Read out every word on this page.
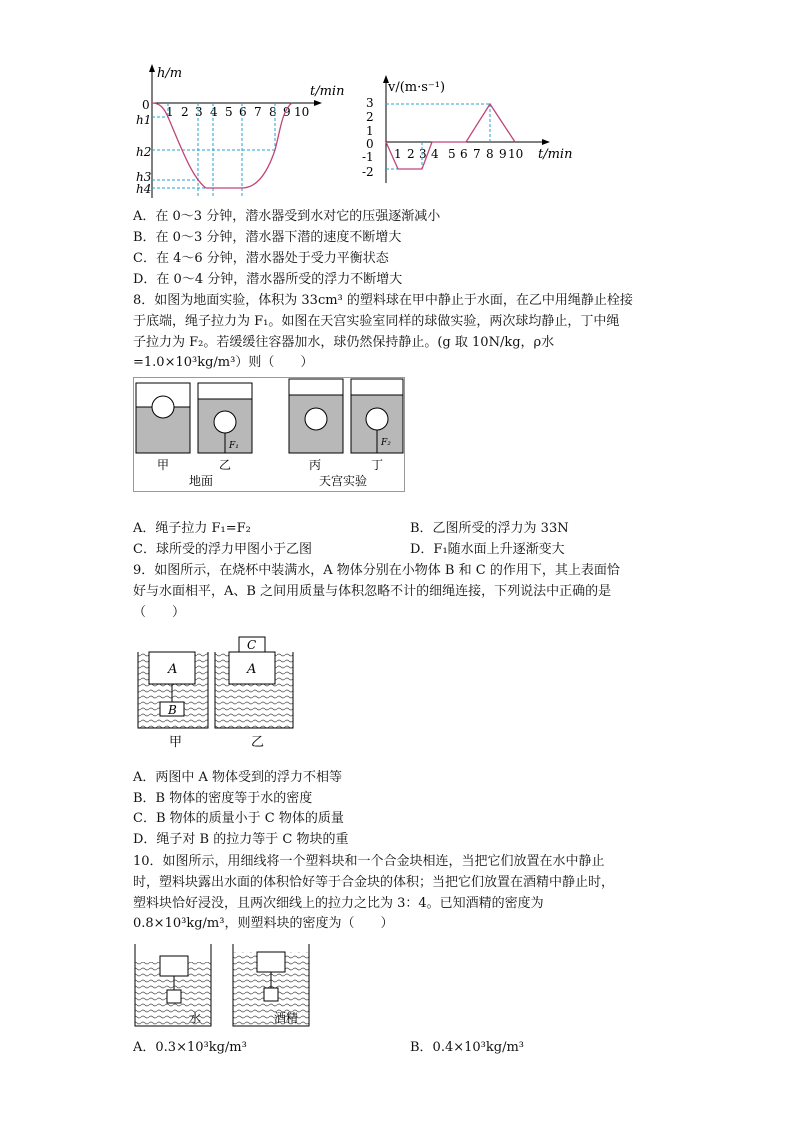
h/m
t/min
0 1 2 3 4 5 6 7 8 9 10
h1
h2
h3
h4
v/(m·s⁻¹)
t/min
3
2
1
0
-1
-2
1 2 3 4 5 6 7 8 9 10
A．在 0～3 分钟，潜水器受到水对它的压强逐渐减小
B．在 0～3 分钟，潜水器下潜的速度不断增大
C．在 4～6 分钟，潜水器处于受力平衡状态
D．在 0～4 分钟，潜水器所受的浮力不断增大
8．如图为地面实验，体积为 33cm³ 的塑料球在甲中静止于水面，在乙中用绳静止栓接
于底端，绳子拉力为 F₁。如图在天宫实验室同样的球做实验，两次球均静止，丁中绳
子拉力为 F₂。若缓缓往容器加水，球仍然保持静止。(g 取 10N/kg，ρ水
=1.0×10³kg/m³）则（　　）
F₁	F₂
甲	乙	丙	丁
地面	天宫实验
A．绳子拉力 F₁=F₂	B．乙图所受的浮力为 33N
C．球所受的浮力甲图小于乙图	D．F₁随水面上升逐渐变大
9．如图所示，在烧杯中装满水，A 物体分别在小物体 B 和 C 的作用下，其上表面恰
好与水面相平，A、B 之间用质量与体积忽略不计的细绳连接，下列说法中正确的是
（　　）
A
B
A
C
甲	乙
A．两图中 A 物体受到的浮力不相等
B．B 物体的密度等于水的密度
C．B 物体的质量小于 C 物体的质量
D．绳子对 B 的拉力等于 C 物块的重
10．如图所示，用细线将一个塑料块和一个合金块相连，当把它们放置在水中静止
时，塑料块露出水面的体积恰好等于合金块的体积；当把它们放置在酒精中静止时，
塑料块恰好浸没，且两次细线上的拉力之比为 3：4。已知酒精的密度为
0.8×10³kg/m³，则塑料块的密度为（　　）
水	酒精
A．0.3×10³kg/m³	B．0.4×10³kg/m³
